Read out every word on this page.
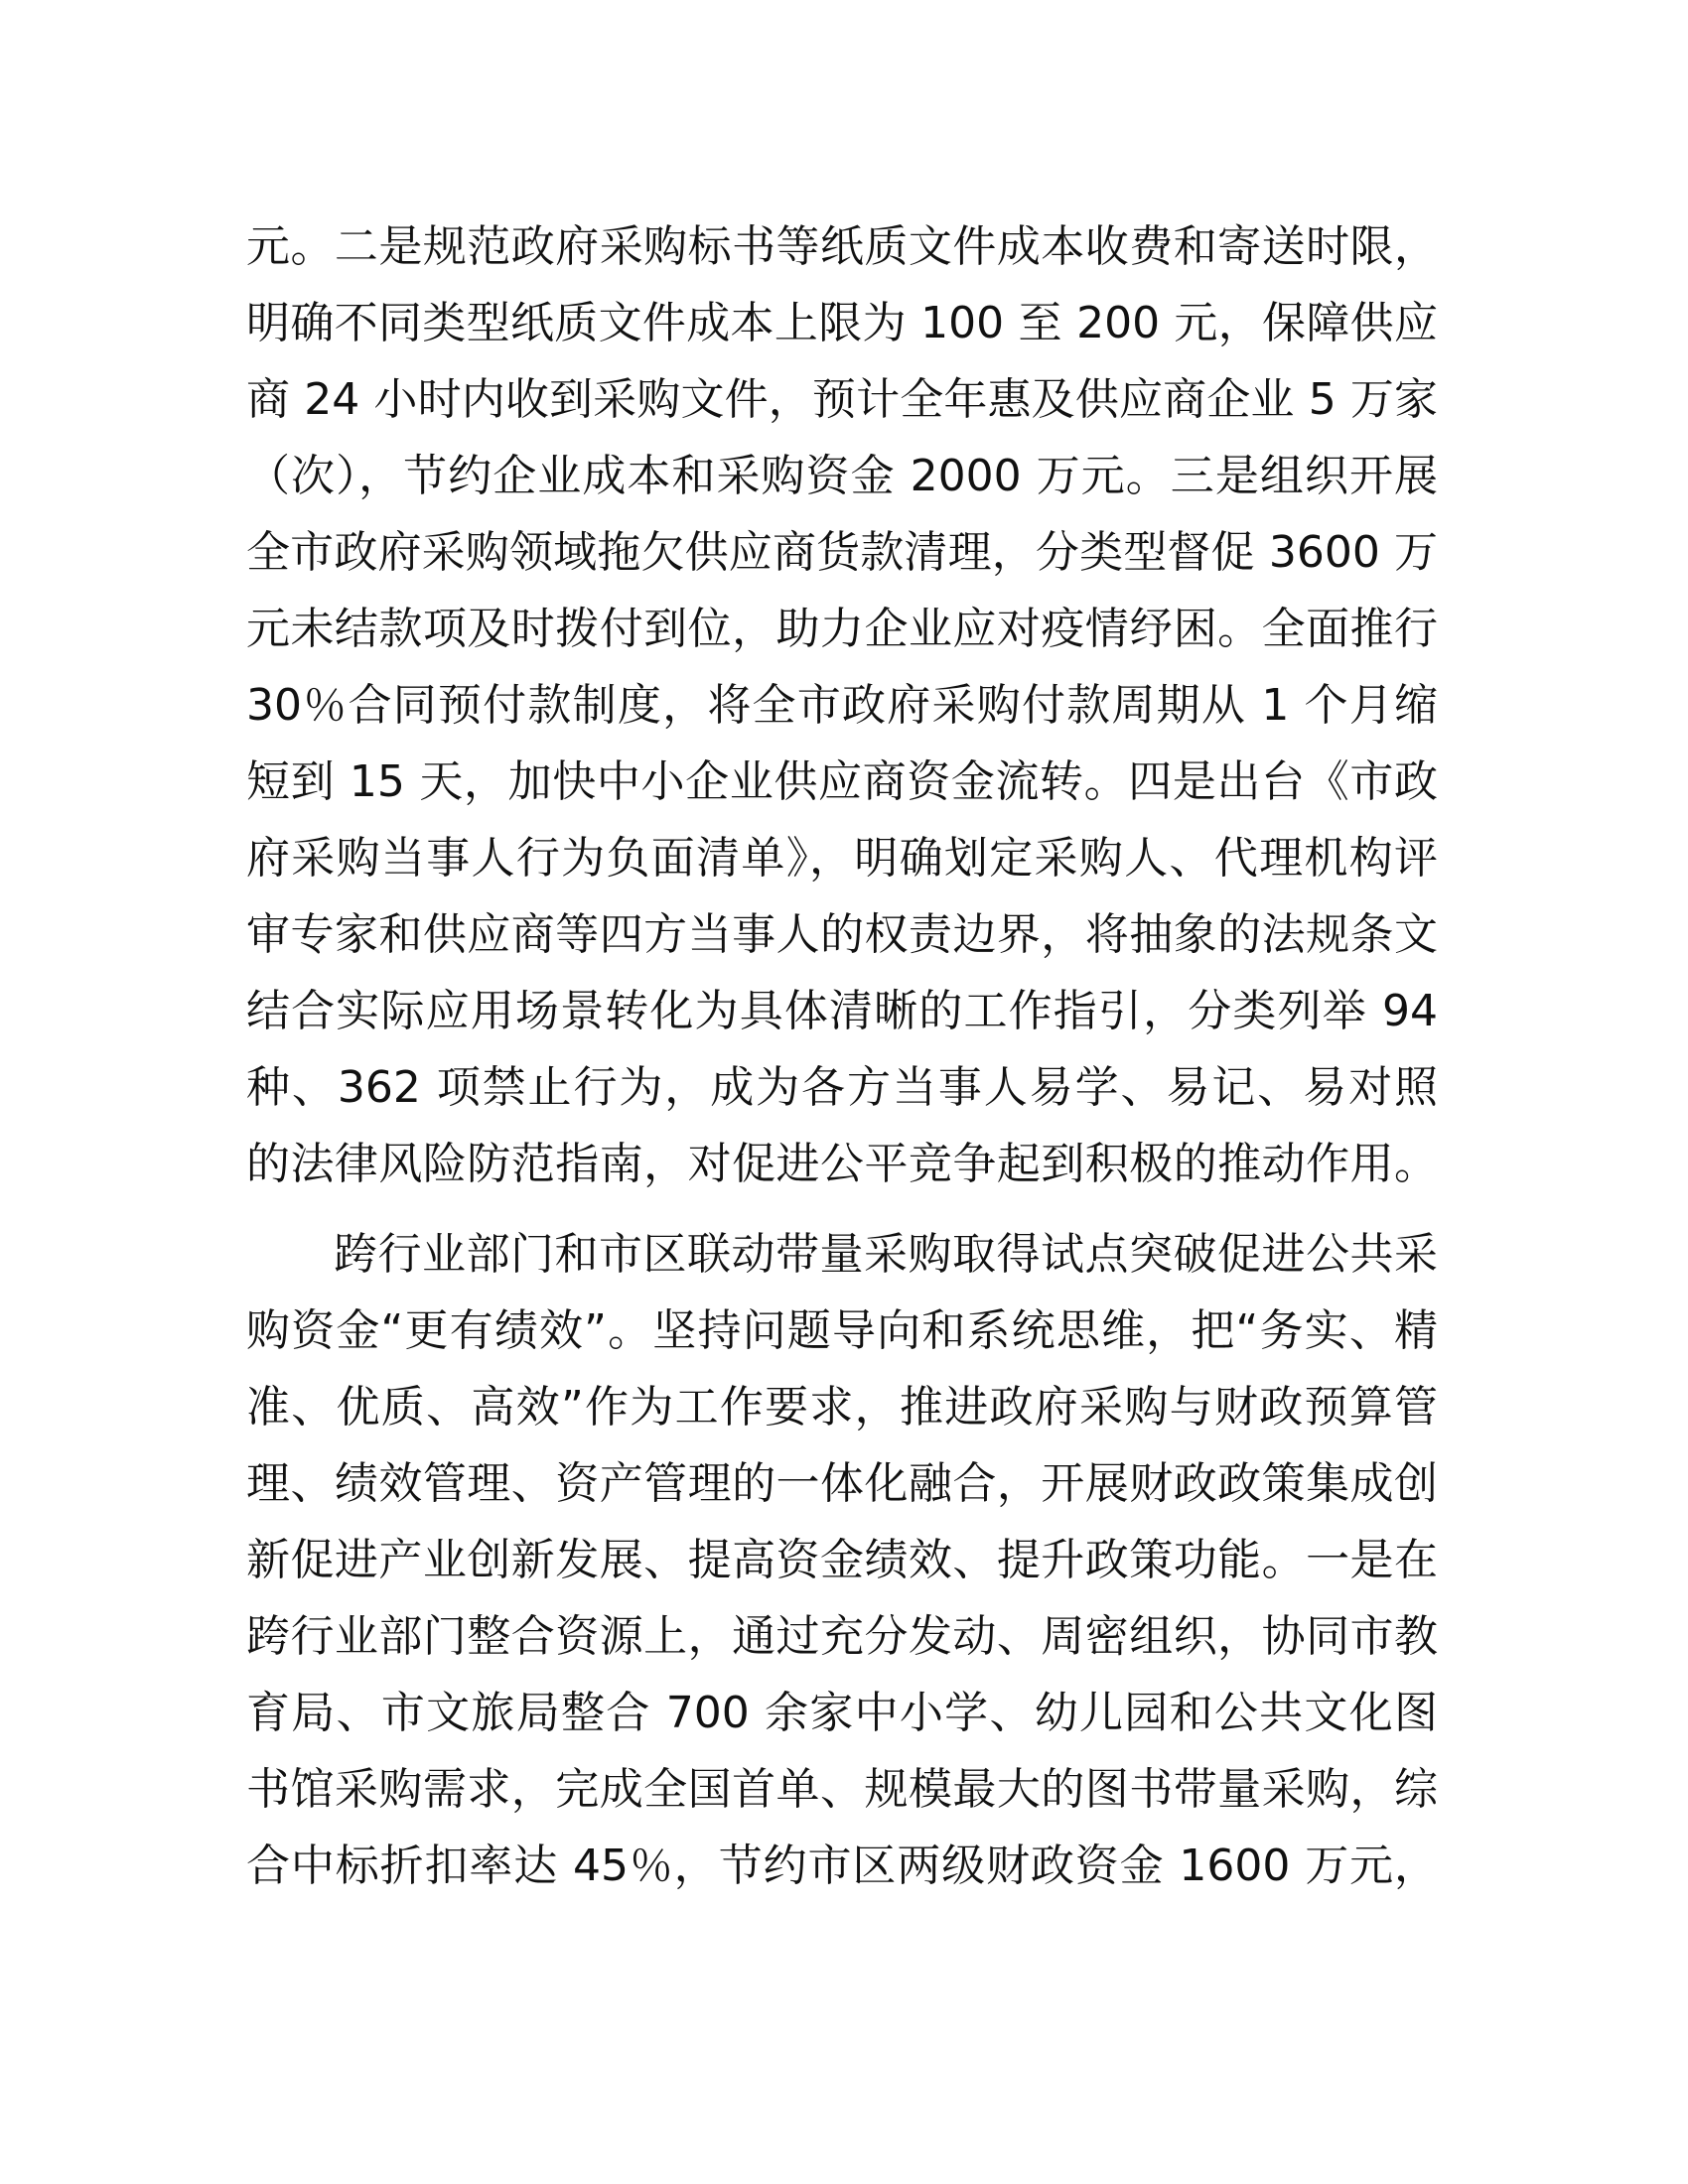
元。二是规范政府采购标书等纸质文件成本收费和寄送时限，
明确不同类型纸质文件成本上限为 100 至 200 元，保障供应
商 24 小时内收到采购文件，预计全年惠及供应商企业 5 万家
（次），节约企业成本和采购资金 2000 万元。三是组织开展
全市政府采购领域拖欠供应商货款清理，分类型督促 3600 万
元未结款项及时拨付到位，助力企业应对疫情纾困。全面推行
30％合同预付款制度，将全市政府采购付款周期从 1 个月缩
短到 15 天，加快中小企业供应商资金流转。四是出台《市政
府采购当事人行为负面清单》，明确划定采购人、代理机构评
审专家和供应商等四方当事人的权责边界，将抽象的法规条文
结合实际应用场景转化为具体清晰的工作指引，分类列举 94
种、362 项禁止行为，成为各方当事人易学、易记、易对照
的法律风险防范指南，对促进公平竞争起到积极的推动作用。
跨行业部门和市区联动带量采购取得试点突破促进公共采
购资金“更有绩效”。坚持问题导向和系统思维，把“务实、精
准、优质、高效”作为工作要求，推进政府采购与财政预算管
理、绩效管理、资产管理的一体化融合，开展财政政策集成创
新促进产业创新发展、提高资金绩效、提升政策功能。一是在
跨行业部门整合资源上，通过充分发动、周密组织，协同市教
育局、市文旅局整合 700 余家中小学、幼儿园和公共文化图
书馆采购需求，完成全国首单、规模最大的图书带量采购，综
合中标折扣率达 45％，节约市区两级财政资金 1600 万元，
